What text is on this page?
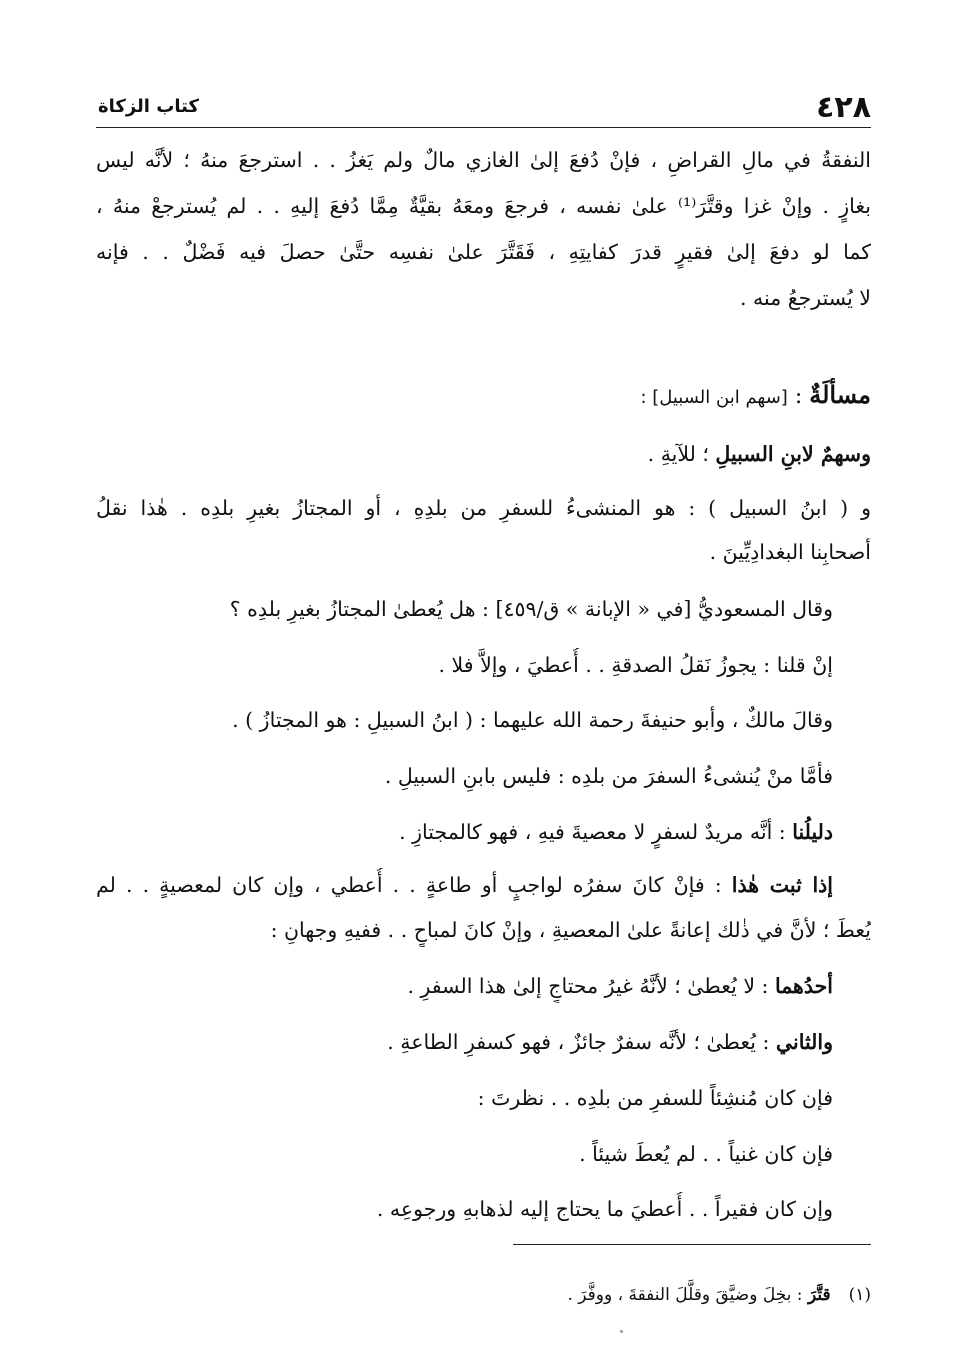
٤٢٨
كتاب الزكاة
النفقةُ في مالِ القراضِ ، فإنْ دُفعَ إلىٰ الغازي مالٌ ولم يَغزُ . . استرجعَ منهُ ؛ لأنَّه ليس
بغازٍ . وإنْ غزا وقتَّرَ⁽¹⁾ علىٰ نفسه ، فرجعَ ومعَهُ بقيَّةٌ مِمَّا دُفعَ إليهِ . . لم يُسترجعْ منهُ ،
كما لو دفعَ إلىٰ فقيرٍ قدرَ كفايتِهِ ، فَقَتَّرَ علىٰ نفسِه حتَّىٰ حصلَ فيه فَضْلٌ . . فإنه
لا يُسترجعُ منه .
مسألَةٌ : [سهم ابن السبيل] :
وسهمٌ لابنِ السبيلِ ؛ للآيةِ .
و ( ابنُ السبيل ) : هو المنشىءُ للسفرِ من بلدِهِ ، أو المجتازُ بغيرِ بلدِه . هٰذا نقلُ
أصحابِنا البغدادِيِّينَ .
وقال المسعوديُّ [في « الإبانة » ق/٤٥٩] : هل يُعطىٰ المجتازُ بغيرِ بلدِه ؟
إنْ قلنا : يجوزُ نَقلُ الصدقةِ . . أُعطيَ ، وإلاَّ فلا .
وقالَ مالكٌ ، وأبو حنيفةَ رحمة الله عليهما : ( ابنُ السبيلِ : هو المجتازُ ) .
فأمَّا منْ يُنشىءُ السفرَ من بلدِه : فليس بابنِ السبيلِ .
دليلُنا : أنَّه مريدٌ لسفرٍ لا معصيةَ فيهِ ، فهو كالمجتازِ .
إذا ثبت هٰذا : فإنْ كانَ سفرُه لواجبٍ أو طاعةٍ . . أُعطي ، وإن كان لمعصيةٍ . . لم
يُعطَ ؛ لأنَّ في ذٰلك إعانةً علىٰ المعصيةِ ، وإنْ كانَ لمباحٍ . . ففيهِ وجهانِ :
أحدُهما : لا يُعطىٰ ؛ لأنَّهُ غيرُ محتاجٍ إلىٰ هذا السفرِ .
والثاني : يُعطىٰ ؛ لأنَّه سفرٌ جائزٌ ، فهو كسفرِ الطاعةِ .
فإن كان مُنشِئاً للسفرِ من بلدِه . . نظرتَ :
فإن كان غنياً . . لم يُعطَ شيئاً .
وإن كان فقيراً . . أُعطيَ ما يحتاج إليه لذهابهِ ورجوعِه .
(١)قتَّرَ : بخِلَ وضيَّقَ وقلَّلَ النفقةَ ، ووفَّرَ .
